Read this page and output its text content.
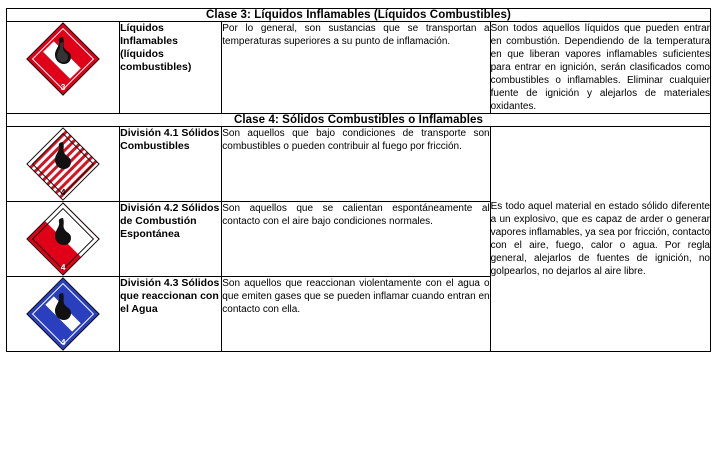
Clase 3: Líquidos Inflamables (Líquidos Combustibles)			

3	Líquidos Inflamables (líquidos combustibles)	Por lo general, son sustancias que se transportan a temperaturas superiores a su punto de inflamación.	Son todos aquellos líquidos que pueden entrar en combustión. Dependiendo de la temperatura en que liberan vapores inflamables suficientes para entrar en ignición, serán clasificados como combustibles o inflamables. Eliminar cualquier fuente de ignición y alejarlos de materiales oxidantes.
Clase 4: Sólidos Combustibles o Inflamables			

4	División 4.1 Sólidos Combustibles	Son aquellos que bajo condiciones de transporte son combustibles o pueden contribuir al fuego por fricción.	Es todo aquel material en estado sólido diferente a un explosivo, que es capaz de arder o generar vapores inflamables, ya sea por fricción, contacto con el aire, fuego, calor o agua. Por regla general, alejarlos de fuentes de ignición, no golpearlos, no dejarlos al aire libre.

4	División 4.2 Sólidos de Combustión Espontánea	Son aquellos que se calientan espontáneamente al contacto con el aire bajo condiciones normales.	

4	División 4.3 Sólidos que reaccionan con el Agua	Son aquellos que reaccionan violentamente con el agua o que emiten gases que se pueden inflamar cuando entran en contacto con ella.	
